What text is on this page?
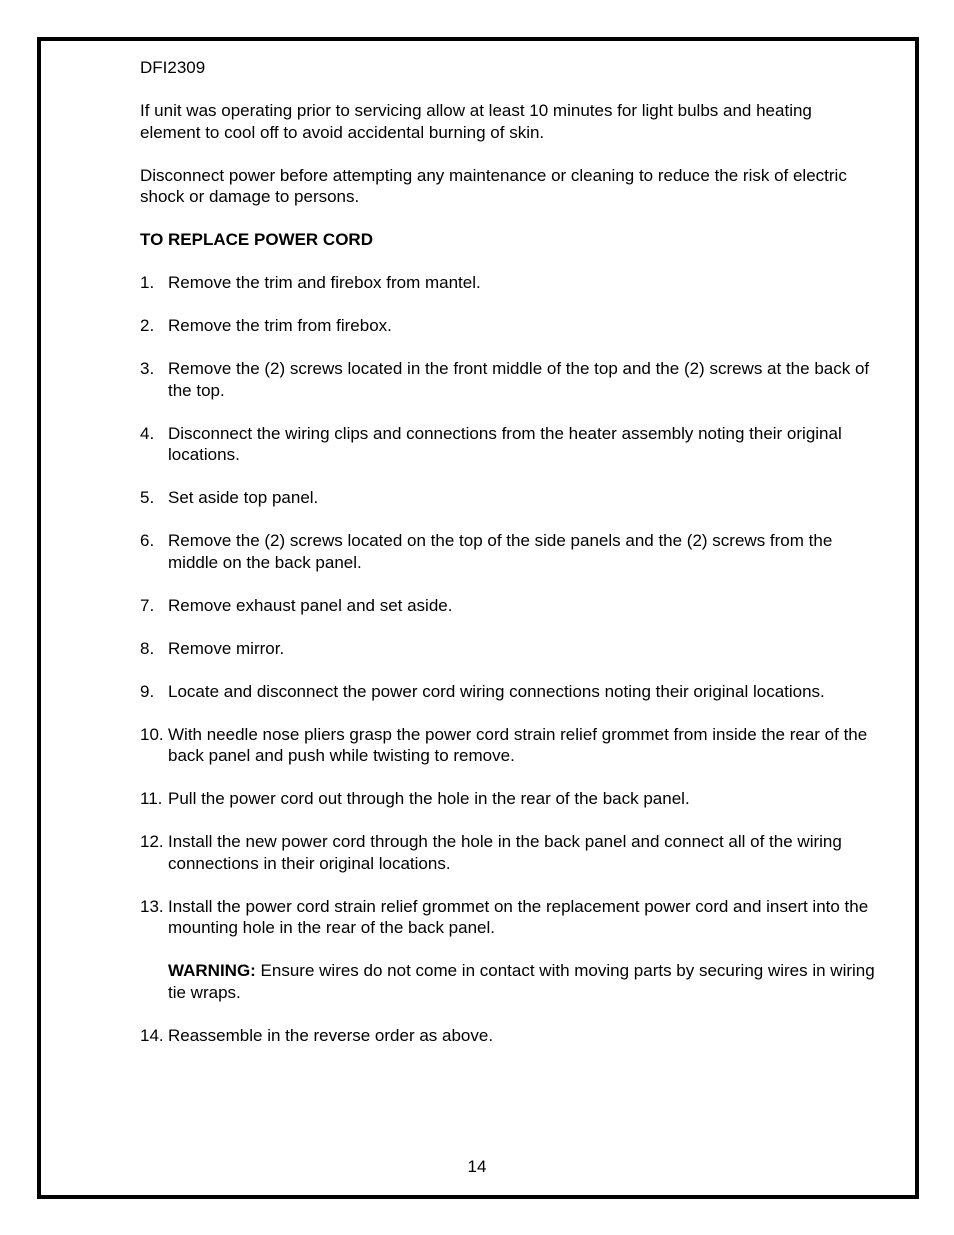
DFI2309

If unit was operating prior to servicing allow at least 10 minutes for light bulbs and heating element to cool off to avoid accidental burning of skin.

Disconnect power before attempting any maintenance or cleaning to reduce the risk of electric shock or damage to persons.

TO REPLACE POWER CORD
1. Remove the trim and firebox from mantel.
2. Remove the trim from firebox.
3. Remove the (2) screws located in the front middle of the top and the (2) screws at the back of the top.
4. Disconnect the wiring clips and connections from the heater assembly noting their original locations.
5. Set aside top panel.
6. Remove the (2) screws located on the top of the side panels and the (2) screws from the middle on the back panel.
7. Remove exhaust panel and set aside.
8. Remove mirror.
9. Locate and disconnect the power cord wiring connections noting their original locations.
10. With needle nose pliers grasp the power cord strain relief grommet from inside the rear of the back panel and push while twisting to remove.
11. Pull the power cord out through the hole in the rear of the back panel.
12. Install the new power cord through the hole in the back panel and connect all of the wiring connections in their original locations.
13. Install the power cord strain relief grommet on the replacement power cord and insert into the mounting hole in the rear of the back panel.
WARNING: Ensure wires do not come in contact with moving parts by securing wires in wiring tie wraps.
14. Reassemble in the reverse order as above.
14
